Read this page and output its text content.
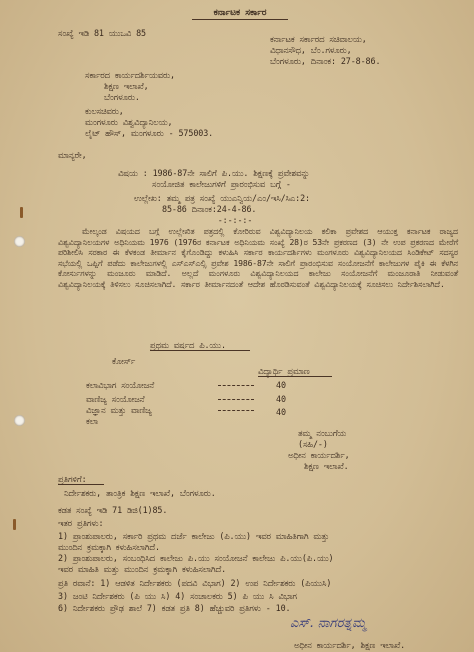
ಕರ್ನಾಟಕ ಸರ್ಕಾರ
ಸಂಖ್ಯೆ ಇಡಿ 81 ಯುಒವಿ 85
ಕರ್ನಾಟಕ ಸರ್ಕಾರದ ಸಚಿವಾಲಯ,
ವಿಧಾನಸೌಧ, ಬೆಂ.ಗಳೂರು,
ಬೆಂಗಳೂರು, ದಿನಾಂಕ: 27-8-86.
ಸರ್ಕಾರದ ಕಾರ್ಯದರ್ಶಿಯವರು,
ಶಿಕ್ಷಣ ಇಲಾಖೆ,
ಬೆಂಗಳೂರು.
ಕುಲಸಚಿವರು,
ಮಂಗಳೂರು ವಿಶ್ವವಿದ್ಯಾನಿಲಯ,
ಲೈಟ್ ಹೌಸ್, ಮಂಗಳೂರು - 575003.
ಮಾನ್ಯರೇ,
ವಿಷಯ : 1986-87ನೇ ಸಾಲಿಗೆ ಪಿ.ಯು. ಶಿಕ್ಷಣಕ್ಕೆ ಪ್ರವೇಶವನ್ನು
ಸಂಯೋಜಿತ ಕಾಲೇಜುಗಳಿಗೆ ಪ್ರಾರಂಭಿಸುವ ಬಗ್ಗೆ -
ಉಲ್ಲೇಖ: ತಮ್ಮ ಪತ್ರ ಸಂಖ್ಯೆ ಯುಎನ್ವಿಯ/ಎಂ/ಇಸಿ/ಸಿಎ:2:
85-86 ದಿನಾಂಕ:24-4-86.
-:-:-:-
ಮೇಲ್ಕಂಡ ವಿಷಯದ ಬಗ್ಗೆ ಉಲ್ಲೇಖಿತ ಪತ್ರದಲ್ಲಿ ಕೋರಿರುವ ವಿಶ್ವವಿದ್ಯಾನಿಲಯ ಕಲಿಕಾ ಪ್ರವೇಶದ ಆಯುಕ್ತ ಕರ್ನಾಟಕ ರಾಜ್ಯದ ವಿಶ್ವವಿದ್ಯಾನಿಲಯಗಳ ಅಧಿನಿಯಮ 1976 (1976ರ ಕರ್ನಾಟಕ ಅಧಿನಿಯಮ ಸಂಖ್ಯೆ 28)ರ 53ನೇ ಪ್ರಕರಣದ (3) ನೇ ಉಪ ಪ್ರಕರಣದ ಮೇರೆಗೆ ಪರಿಶೀಲಿಸಿ ಸರಕಾರ ಈ ಕೆಳಕಂಡ ತೀರ್ಮಾನ ಕೈಗೊಂಡಿದ್ದು ಕಳುಹಿಸಿ ಸರ್ಕಾರ ಕಾರ್ಯದರ್ಶಿಗಳು ಮಂಗಳೂರು ವಿಶ್ವವಿದ್ಯಾನಿಲಯದ ಸಿಂಡಿಕೇಟ್ ಸದಸ್ಯರ ಸಭೆಯಲ್ಲಿ ಒಪ್ಪಿಗೆ ಪಡೆದು ಕಾಲೇಜುಗಳಲ್ಲಿ ಎಸ್ಎಸ್ಎಲ್ಸಿ ಪ್ರವೇಶ 1986-87ನೇ ಸಾಲಿಗೆ ಪ್ರಾರಂಭಿಸುವ ಸಂಯೋಜನೆಗೆ ಕಾಲೇಜುಗಳ ಪೈಕಿ ಈ ಕೆಳಗಿನ ಕೋರ್ಸುಗಳನ್ನು ಮಂಜೂರು ಮಾಡಿದೆ. ಅಲ್ಲದೆ ಮಂಗಳೂರು ವಿಶ್ವವಿದ್ಯಾನಿಲಯದ ಕಾಲೇಜು ಸಂಯೋಜನೆಗೆ ಮಂಜೂರಾತಿ ನೀಡುವಂತೆ ವಿಶ್ವವಿದ್ಯಾನಿಲಯಕ್ಕೆ ತಿಳಿಸಲು ಸೂಚಿಸಲಾಗಿದೆ. ಸರ್ಕಾರ ತೀರ್ಮಾನದಂತೆ ಆದೇಶ ಹೊರಡಿಸುವಂತೆ ವಿಶ್ವವಿದ್ಯಾನಿಲಯಕ್ಕೆ ಸೂಚಿಸಲು ನಿರ್ದೇಶಿಸಲಾಗಿದೆ.
ಪ್ರಥಮ ವರ್ಷದ ಪಿ.ಯು.
ಕೋರ್ಸ್
ವಿದ್ಯಾರ್ಥಿ ಪ್ರಮಾಣ
ಕಲಾವಿಭಾಗ ಸಂಯೋಜನೆ	40
ವಾಣಿಜ್ಯ ಸಂಯೋಜನೆ	40
ವಿಜ್ಞಾನ ಮತ್ತು ವಾಣಿಜ್ಯ	40
ಕಲಾ
ತಮ್ಮ ನಂಬುಗೆಯ
(ಸಹಿ/-)
ಅಧೀನ ಕಾರ್ಯದರ್ಶಿ,
ಶಿಕ್ಷಣ ಇಲಾಖೆ.
ಪ್ರತಿಗಳಿಗೆ:
ನಿರ್ದೇಶಕರು, ತಾಂತ್ರಿಕ ಶಿಕ್ಷಣ ಇಲಾಖೆ, ಬೆಂಗಳೂರು.
ಕಡತ ಸಂಖ್ಯೆ ಇಡಿ 71 ಡಿಜಿ(1)85.
ಇತರ ಪ್ರತಿಗಳು:
1) ಪ್ರಾಂಶುಪಾಲರು, ಸರ್ಕಾರಿ ಪ್ರಥಮ ದರ್ಜೆ ಕಾಲೇಜು (ಪಿ.ಯು) ಇವರ ಮಾಹಿತಿಗಾಗಿ ಮತ್ತು
ಮುಂದಿನ ಕ್ರಮಕ್ಕಾಗಿ ಕಳುಹಿಸಲಾಗಿದೆ.
2) ಪ್ರಾಂಶುಪಾಲರು, ಸಂಬಂಧಿಸಿದ ಕಾಲೇಜು ಪಿ.ಯು ಸಂಯೋಜನೆ ಕಾಲೇಜು ಪಿ.ಯು(ಪಿ.ಯು)
ಇವರ ಮಾಹಿತಿ ಮತ್ತು ಮುಂದಿನ ಕ್ರಮಕ್ಕಾಗಿ ಕಳುಹಿಸಲಾಗಿದೆ.
ಪ್ರತಿ ರವಾನೆ: 1) ಆಡಳಿತ ನಿರ್ದೇಶಕರು (ಪದವಿ ವಿಭಾಗ) 2) ಉಪ ನಿರ್ದೇಶಕರು (ಪಿಯುಸಿ)
3) ಜಂಟಿ ನಿರ್ದೇಶಕರು (ಪಿ ಯು ಸಿ) 4) ಸಂಚಾಲಕರು 5) ಪಿ ಯು ಸಿ ವಿಭಾಗ
6) ನಿರ್ದೇಶಕರು ಪ್ರೌಢ ಶಾಲೆ 7) ಕಡತ ಪ್ರತಿ 8) ಹೆಚ್ಚುವರಿ ಪ್ರತಿಗಳು - 10.
ಎಸ್. ನಾಗರತ್ನಮ್ಮ
ಅಧೀನ ಕಾರ್ಯದರ್ಶಿ, ಶಿಕ್ಷಣ ಇಲಾಖೆ.
